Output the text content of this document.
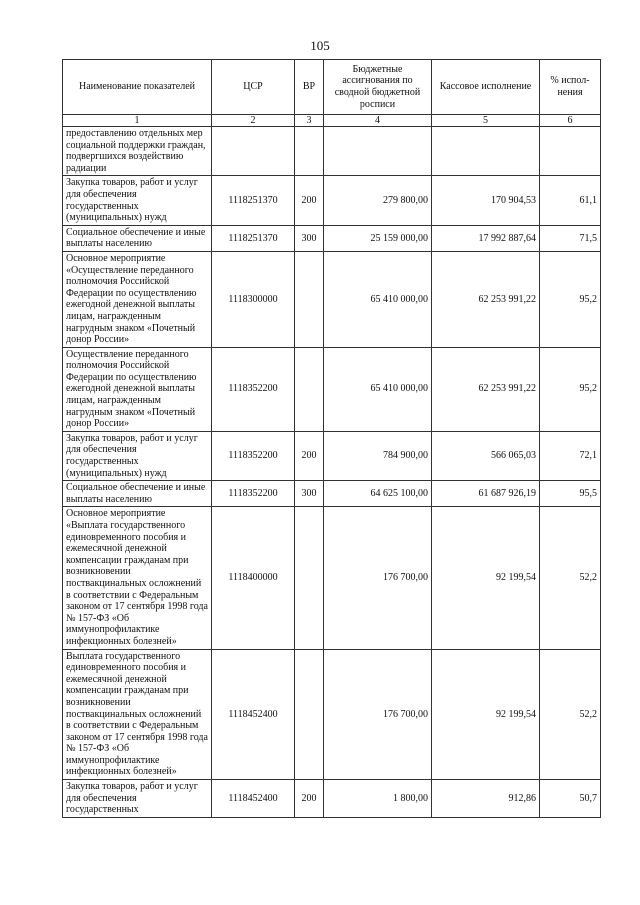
105
Наименование показателей	ЦСР	ВР	Бюджетные ассигнования по сводной бюджетной росписи	Кассовое исполнение	% испол-нения
1	2	3	4	5	6
предоставлению отдельных мер социальной поддержки граждан, подвергшихся воздействию радиации					
Закупка товаров, работ и услуг для обеспечения государственных (муниципальных) нужд	1118251370	200	279 800,00	170 904,53	61,1
Социальное обеспечение и иные выплаты населению	1118251370	300	25 159 000,00	17 992 887,64	71,5
Основное мероприятие «Осуществление переданного полномочия Российской Федерации по осуществлению ежегодной денежной выплаты лицам, награжденным нагрудным знаком «Почетный донор России»	1118300000		65 410 000,00	62 253 991,22	95,2
Осуществление переданного полномочия Российской Федерации по осуществлению ежегодной денежной выплаты лицам, награжденным нагрудным знаком «Почетный донор России»	1118352200		65 410 000,00	62 253 991,22	95,2
Закупка товаров, работ и услуг для обеспечения государственных (муниципальных) нужд	1118352200	200	784 900,00	566 065,03	72,1
Социальное обеспечение и иные выплаты населению	1118352200	300	64 625 100,00	61 687 926,19	95,5
Основное мероприятие «Выплата государственного единовременного пособия и ежемесячной денежной компенсации гражданам при возникновении поствакцинальных осложнений в соответствии с Федеральным законом от 17 сентября 1998 года № 157-ФЗ «Об иммунопрофилактике инфекционных болезней»	1118400000		176 700,00	92 199,54	52,2
Выплата государственного единовременного пособия и ежемесячной денежной компенсации гражданам при возникновении поствакцинальных осложнений в соответствии с Федеральным законом от 17 сентября 1998 года № 157-ФЗ «Об иммунопрофилактике инфекционных болезней»	1118452400		176 700,00	92 199,54	52,2
Закупка товаров, работ и услуг для обеспечения государственных	1118452400	200	1 800,00	912,86	50,7
